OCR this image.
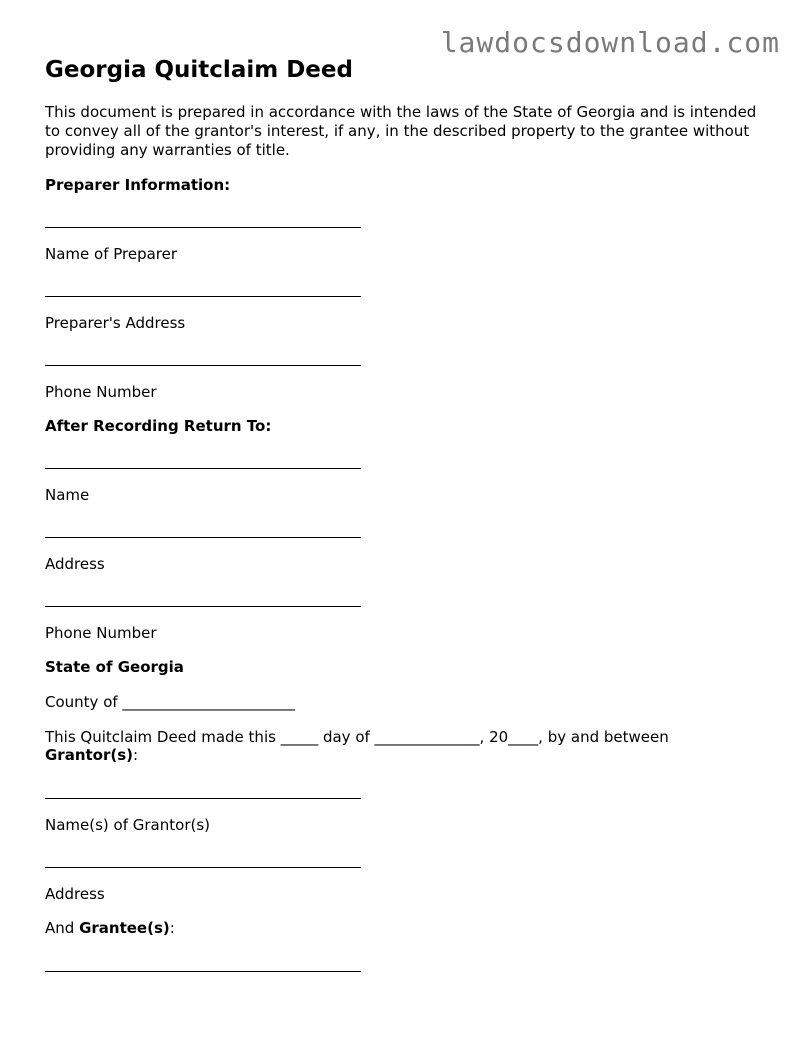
lawdocsdownload.com
Georgia Quitclaim Deed
This document is prepared in accordance with the laws of the State of Georgia and is intended to convey all of the grantor's interest, if any, in the described property to the grantee without providing any warranties of title.
Preparer Information:
Name of Preparer
Preparer's Address
Phone Number
After Recording Return To:
Name
Address
Phone Number
State of Georgia
County of _______________________
This Quitclaim Deed made this _____ day of ______________, 20____, by and between
Grantor(s):
Name(s) of Grantor(s)
Address
And Grantee(s):
